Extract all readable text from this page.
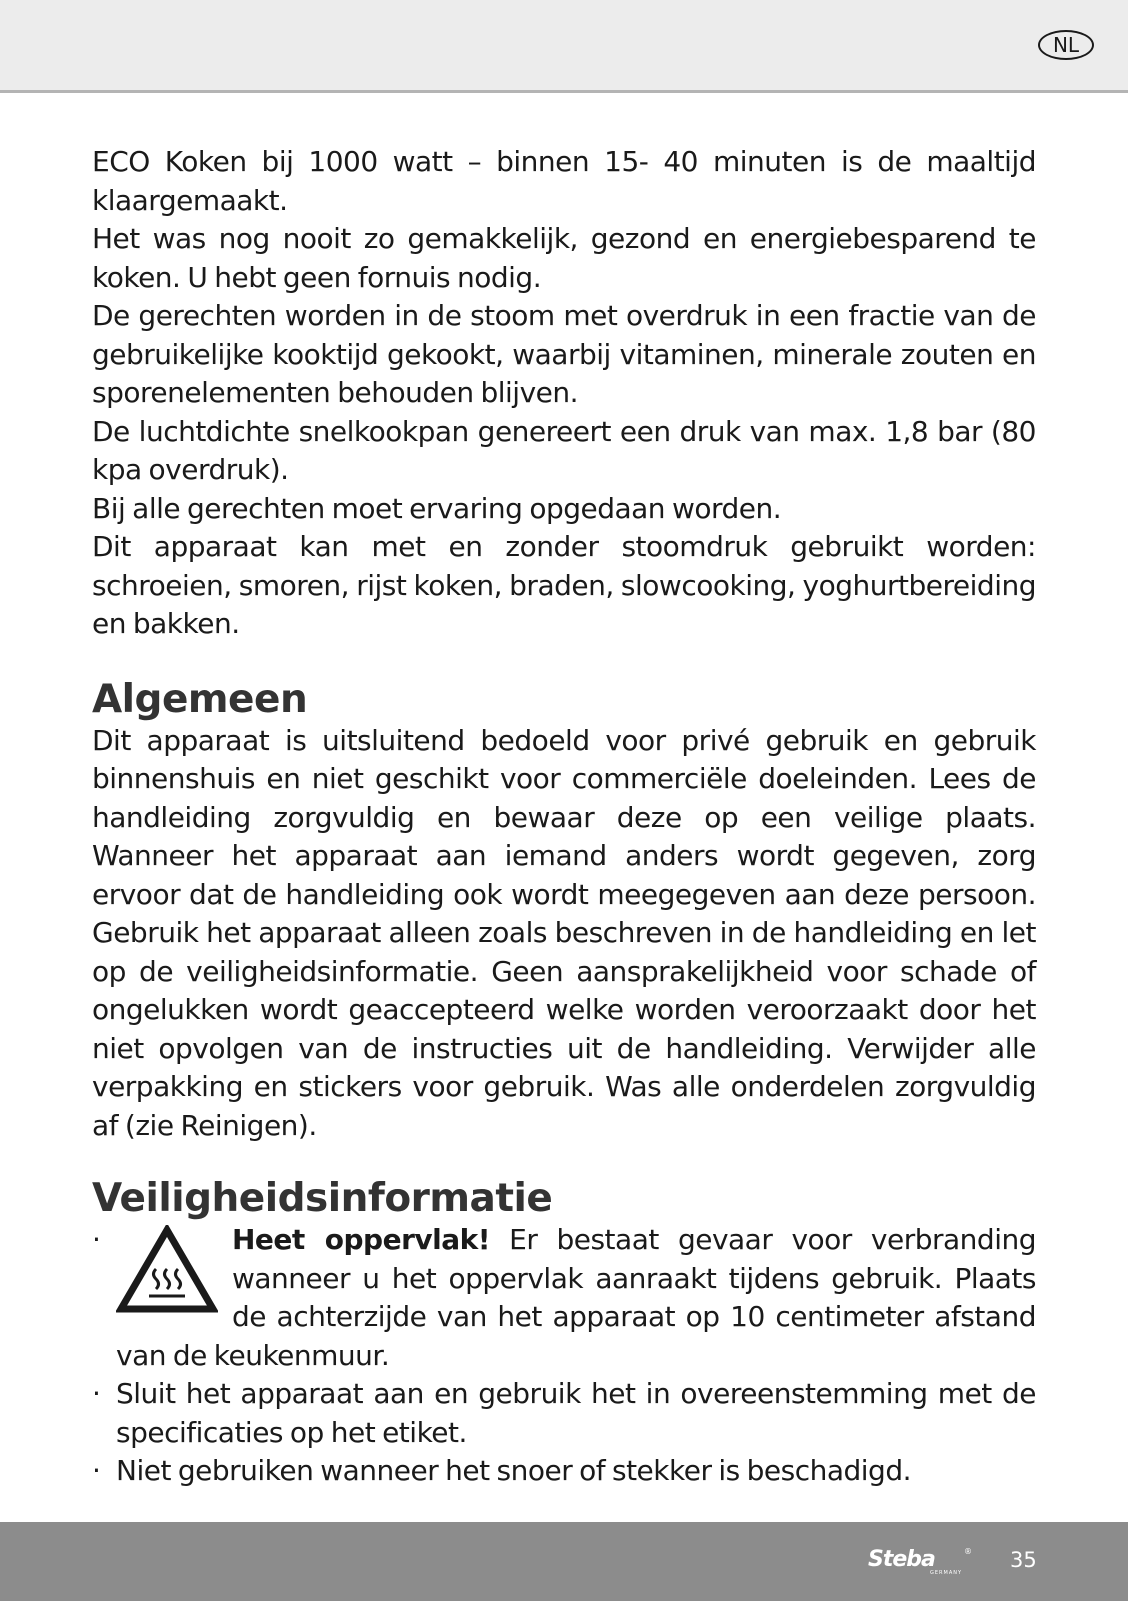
NL

ECO Koken bij 1000 watt – binnen 15- 40 minuten is de maaltijd klaargemaakt.

Het was nog nooit zo gemakkelijk, gezond en energiebesparend te koken. U hebt geen fornuis nodig.

De gerechten worden in de stoom met overdruk in een fractie van de gebruikelijke kooktijd gekookt, waarbij vitaminen, minerale zouten en sporenelementen behouden blijven.

De luchtdichte snelkookpan genereert een druk van max. 1,8 bar (80 kpa overdruk).

Bij alle gerechten moet ervaring opgedaan worden.

Dit apparaat kan met en zonder stoomdruk gebruikt worden: schroeien, smoren, rijst koken, braden, slowcooking, yoghurtbereiding en bakken.

Algemeen

Dit apparaat is uitsluitend bedoeld voor privé gebruik en gebruik binnenshuis en niet geschikt voor commerciële doeleinden. Lees de handleiding zorgvuldig en bewaar deze op een veilige plaats. Wanneer het apparaat aan iemand anders wordt gegeven, zorg ervoor dat de handleiding ook wordt meegegeven aan deze persoon. Gebruik het apparaat alleen zoals beschreven in de handleiding en let op de veiligheidsinformatie. Geen aansprakelijkheid voor schade of ongelukken wordt geaccepteerd welke worden veroorzaakt door het niet opvolgen van de instructies uit de handleiding. Verwijder alle verpakking en stickers voor gebruik. Was alle onderdelen zorgvuldig af (zie Reinigen).

Veiligheidsinformatie
·	Heet oppervlak! Er bestaat gevaar voor verbranding wanneer u het oppervlak aanraakt tijdens gebruik. Plaats de achterzijde van het apparaat op 10 centimeter afstand van de keukenmuur.
· Sluit het apparaat aan en gebruik het in overeenstemming met de specificaties op het etiket.
· Niet gebruiken wanneer het snoer of stekker is beschadigd.
Steba	®
GERMANY
35
